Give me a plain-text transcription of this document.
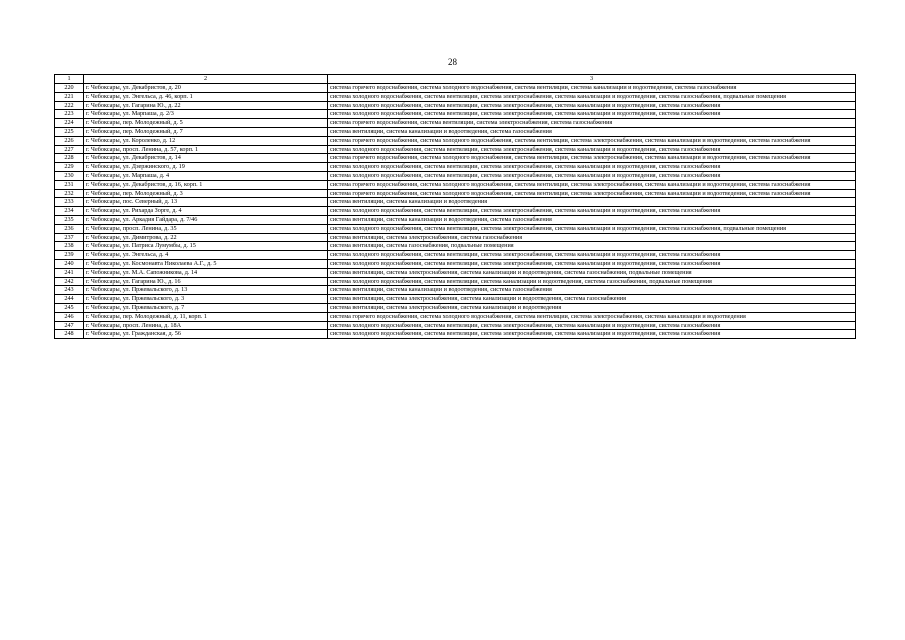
28
1	2	3
220	г. Чебоксары, ул. Декабристов, д. 20	система горячего водоснабжения, система холодного водоснабжения, система вентиляции, система канализации и водоотведения, система газоснабжения
221	г. Чебоксары, ул. Энгельса, д. 46, корп. 1	система холодного водоснабжения, система вентиляции, система электроснабжения, система канализации и водоотведения, система газоснабжения, подвальные помещения
222	г. Чебоксары, ул. Гагарина Ю., д. 22	система холодного водоснабжения, система вентиляции, система электроснабжения, система канализации и водоотведения, система газоснабжения
223	г. Чебоксары, ул. Марпаша, д. 2/3	система холодного водоснабжения, система вентиляции, система электроснабжения, система канализации и водоотведения, система газоснабжения
224	г. Чебоксары, пер. Молодежный, д. 5	система горячего водоснабжения, система вентиляции, система электроснабжения, система газоснабжения
225	г. Чебоксары, пер. Молодежный, д. 7	система вентиляции, система канализации и водоотведения, система газоснабжения
226	г. Чебоксары, ул. Короленко, д. 12	система горячего водоснабжения, система холодного водоснабжения, система вентиляции, система электроснабжения, система канализации и водоотведения, система газоснабжения
227	г. Чебоксары, просп. Ленина, д. 57, корп. 1	система холодного водоснабжения, система вентиляции, система электроснабжения, система канализации и водоотведения, система газоснабжения
228	г. Чебоксары, ул. Декабристов, д. 14	система горячего водоснабжения, система холодного водоснабжения, система вентиляции, система электроснабжения, система канализации и водоотведения, система газоснабжения
229	г. Чебоксары, ул. Дзержинского, д. 19	система холодного водоснабжения, система вентиляции, система электроснабжения, система канализации и водоотведения, система газоснабжения
230	г. Чебоксары, ул. Марпаша, д. 4	система холодного водоснабжения, система вентиляции, система электроснабжения, система канализации и водоотведения, система газоснабжения
231	г. Чебоксары, ул. Декабристов, д. 16, корп. 1	система горячего водоснабжения, система холодного водоснабжения, система вентиляции, система электроснабжения, система канализации и водоотведения, система газоснабжения
232	г. Чебоксары, пер. Молодежный, д. 3	система горячего водоснабжения, система холодного водоснабжения, система вентиляции, система электроснабжения, система канализации и водоотведения, система газоснабжения
233	г. Чебоксары, пос. Северный, д. 13	система вентиляции, система канализации и водоотведения
234	г. Чебоксары, ул. Рихарда Зорге, д. 4	система холодного водоснабжения, система вентиляции, система электроснабжения, система канализации и водоотведения, система газоснабжения
235	г. Чебоксары, ул. Аркадия Гайдара, д. 7/46	система вентиляции, система канализации и водоотведения, система газоснабжения
236	г. Чебоксары, просп. Ленина, д. 35	система холодного водоснабжения, система вентиляции, система электроснабжения, система канализации и водоотведения, система газоснабжения, подвальные помещения
237	г. Чебоксары, ул. Димитрова, д. 22	система вентиляции, система электроснабжения, система газоснабжения
238	г. Чебоксары, ул. Патриса Лумумбы, д. 15	система вентиляции, система газоснабжения, подвальные помещения
239	г. Чебоксары, ул. Энгельса, д. 4	система холодного водоснабжения, система вентиляции, система электроснабжения, система канализации и водоотведения, система газоснабжения
240	г. Чебоксары, ул. Космонавта Николаева А.Г., д. 5	система холодного водоснабжения, система вентиляции, система электроснабжения, система канализации и водоотведения, система газоснабжения
241	г. Чебоксары, ул. М.А. Сапожникова, д. 14	система вентиляции, система электроснабжения, система канализации и водоотведения, система газоснабжения, подвальные помещения
242	г. Чебоксары, ул. Гагарина Ю., д. 16	система холодного водоснабжения, система вентиляции, система канализации и водоотведения, система газоснабжения, подвальные помещения
243	г. Чебоксары, ул. Пржевальского, д. 13	система вентиляции, система канализации и водоотведения, система газоснабжения
244	г. Чебоксары, ул. Пржевальского, д. 3	система вентиляции, система электроснабжения, система канализации и водоотведения, система газоснабжения
245	г. Чебоксары, ул. Пржевальского, д. 7	система вентиляции, система электроснабжения, система канализации и водоотведения
246	г. Чебоксары, пер. Молодежный, д. 11, корп. 1	система горячего водоснабжения, система холодного водоснабжения, система вентиляции, система электроснабжения, система канализации и водоотведения
247	г. Чебоксары, просп. Ленина, д. 18А	система холодного водоснабжения, система вентиляции, система электроснабжения, система канализации и водоотведения, система газоснабжения
248	г. Чебоксары, ул. Гражданская, д. 56	система холодного водоснабжения, система вентиляции, система электроснабжения, система канализации и водоотведения, система газоснабжения
